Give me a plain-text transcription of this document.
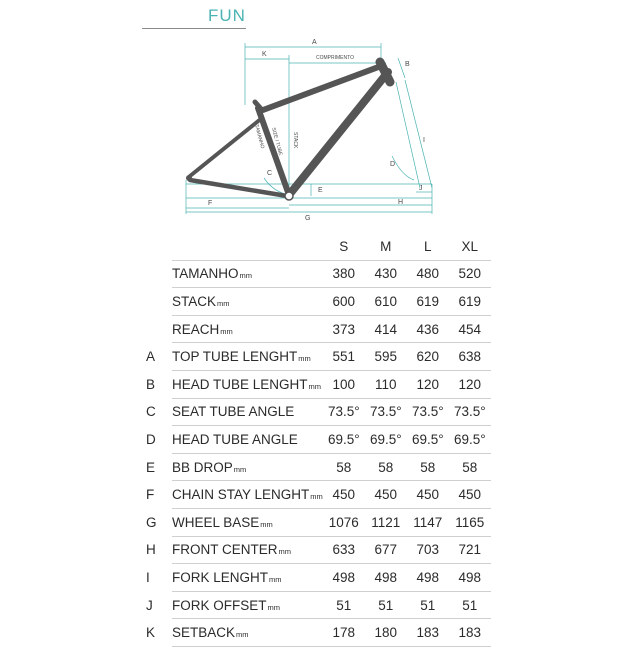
FUN
A
K	COMPRIMENTO
B
STACK
TAMANHO SIZE / TUBE	I
D
C
E	J
F	H
G
		S	M	L	XL
	TAMANHOmm	380	430	480	520
	STACKmm	600	610	619	619
	REACHmm	373	414	436	454
A	TOP TUBE LENGHTmm	551	595	620	638
B	HEAD TUBE LENGHTmm	100	110	120	120
C	SEAT TUBE ANGLE	73.5°	73.5°	73.5°	73.5°
D	HEAD TUBE ANGLE	69.5°	69.5°	69.5°	69.5°
E	BB DROPmm	58	58	58	58
F	CHAIN STAY LENGHTmm	450	450	450	450
G	WHEEL BASEmm	1076	1121	1147	1165
H	FRONT CENTERmm	633	677	703	721
I	FORK LENGHTmm	498	498	498	498
J	FORK OFFSETmm	51	51	51	51
K	SETBACKmm	178	180	183	183
